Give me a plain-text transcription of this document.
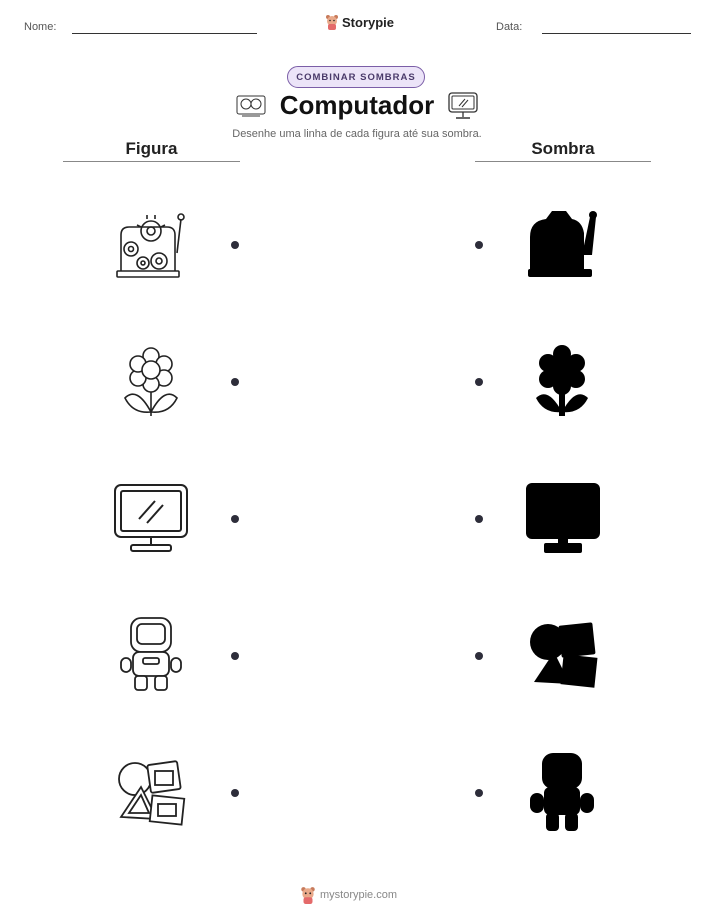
Nome:	Storypie	Data:
COMBINAR SOMBRAS
Computador
Desenhe uma linha de cada figura até sua sombra.
Figura	Sombra
mystorypie.com
